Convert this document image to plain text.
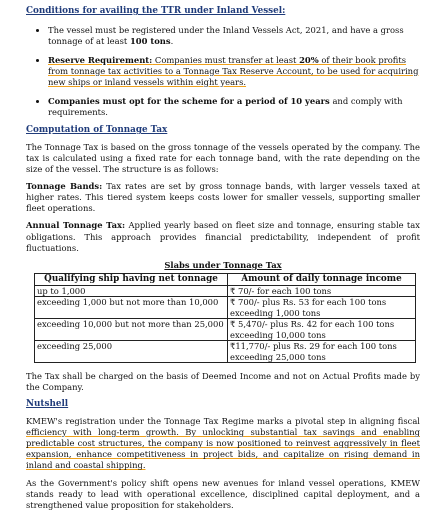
Conditions for availing the TTR under Inland Vessel:
• The vessel must be registered under the Inland Vessels Act, 2021, and have a gross tonnage of at least 100 tons.
• Reserve Requirement: Companies must transfer at least 20% of their book profits from tonnage tax activities to a Tonnage Tax Reserve Account, to be used for acquiring new ships or inland vessels within eight years.
• Companies must opt for the scheme for a period of 10 years and comply with requirements.
Computation of Tonnage Tax

The Tonnage Tax is based on the gross tonnage of the vessels operated by the company. The tax is calculated using a fixed rate for each tonnage band, with the rate depending on the size of the vessel. The structure is as follows:

Tonnage Bands: Tax rates are set by gross tonnage bands, with larger vessels taxed at higher rates. This tiered system keeps costs lower for smaller vessels, supporting smaller fleet operations.

Annual Tonnage Tax: Applied yearly based on fleet size and tonnage, ensuring stable tax obligations. This approach provides financial predictability, independent of profit fluctuations.

Slabs under Tonnage Tax
Qualifying ship having net tonnage	Amount of daily tonnage income
up to 1,000	₹ 70/- for each 100 tons
exceeding 1,000 but not more than 10,000	₹ 700/- plus Rs. 53 for each 100 tons exceeding 1,000 tons
exceeding 10,000 but not more than 25,000	₹ 5,470/- plus Rs. 42 for each 100 tons exceeding 10,000 tons
exceeding 25,000	₹11,770/- plus Rs. 29 for each 100 tons exceeding 25,000 tons

The Tax shall be charged on the basis of Deemed Income and not on Actual Profits made by the Company.

Nutshell

KMEW's registration under the Tonnage Tax Regime marks a pivotal step in aligning fiscal efficiency with long-term growth. By unlocking substantial tax savings and enabling predictable cost structures, the company is now positioned to reinvest aggressively in fleet expansion, enhance competitiveness in project bids, and capitalize on rising demand in inland and coastal shipping.

As the Government's policy shift opens new avenues for inland vessel operations, KMEW stands ready to lead with operational excellence, disciplined capital deployment, and a strengthened value proposition for stakeholders.
